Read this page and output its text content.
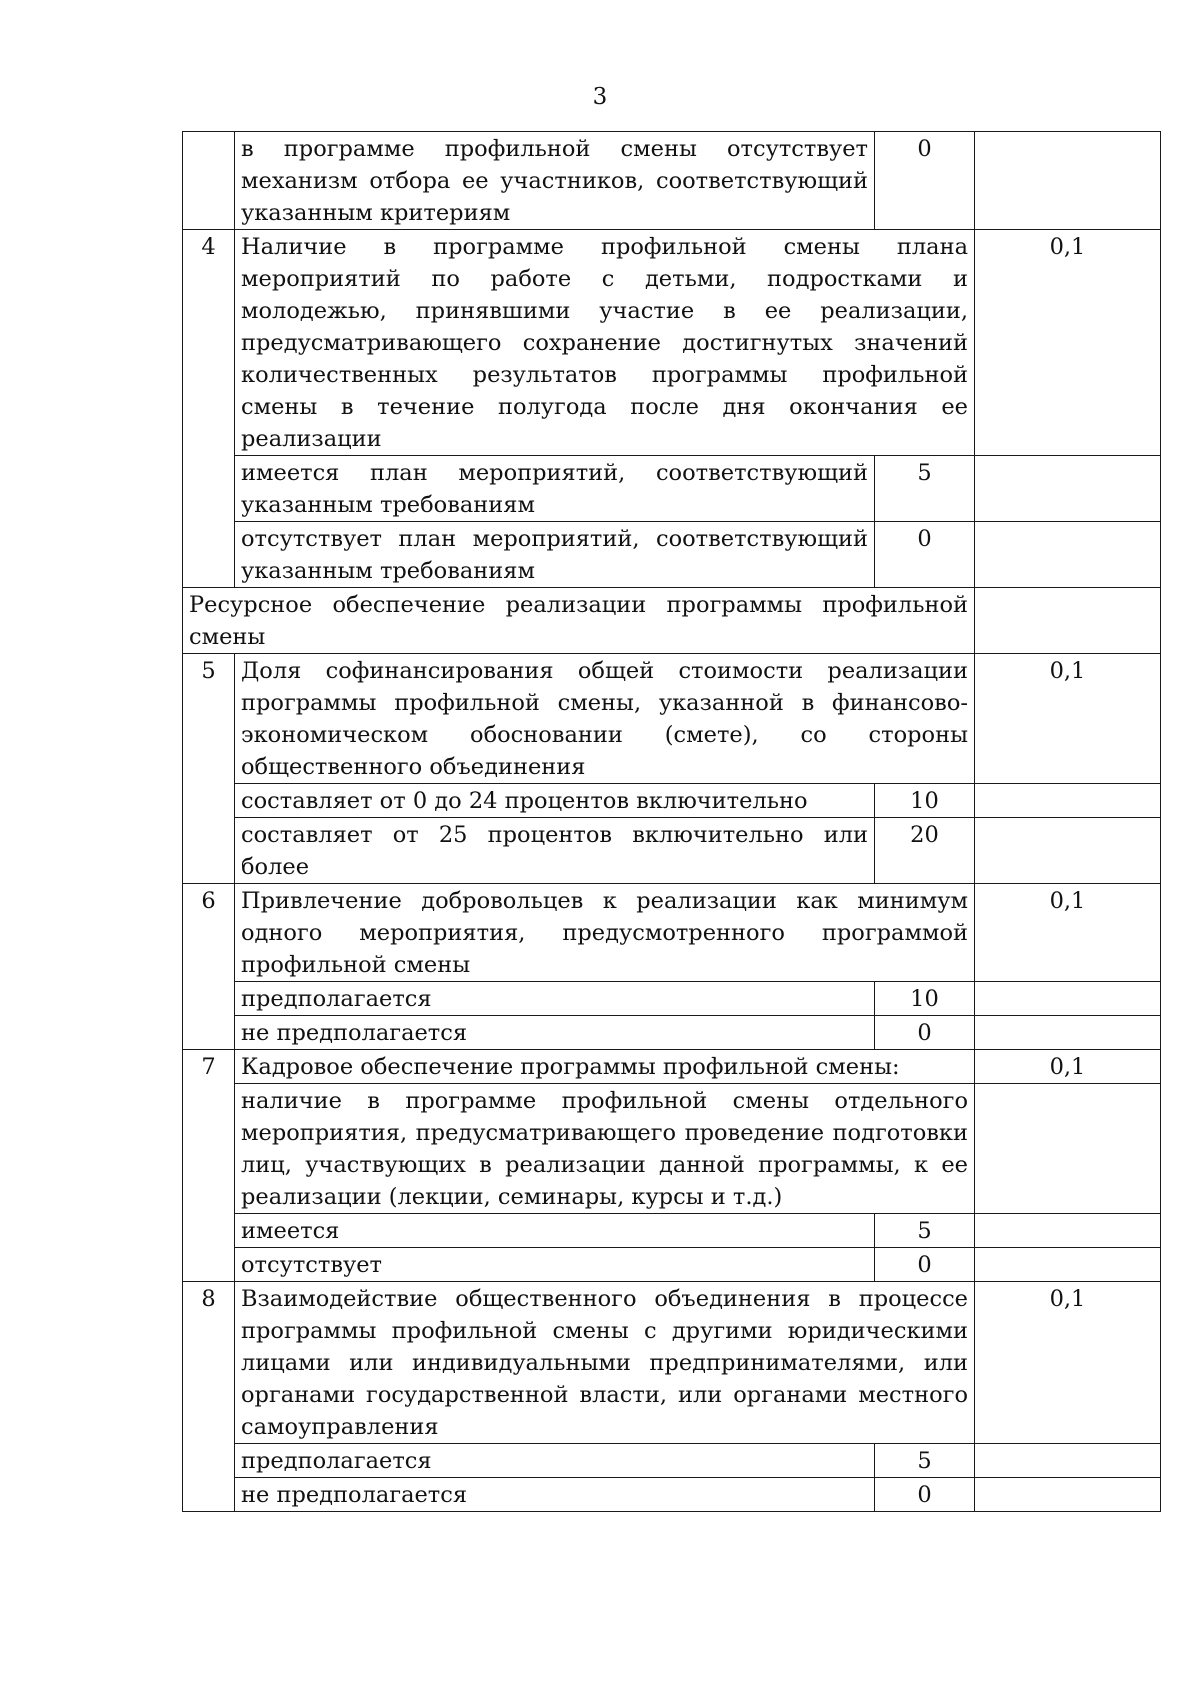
3
	в программе профильной смены отсутствует механизм отбора ее участников, соответствующий указанным критериям	0	
4	Наличие в программе профильной смены плана мероприятий по работе с детьми, подростками и молодежью, принявшими участие в ее реализации, предусматривающего сохранение достигнутых значений количественных результатов программы профильной смены в течение полугода после дня окончания ее реализации		0,1
	имеется план мероприятий, соответствующий указанным требованиям	5	
	отсутствует план мероприятий, соответствующий указанным требованиям	0	
Ресурсное обеспечение реализации программы профильной смены			
5	Доля софинансирования общей стоимости реализации программы профильной смены, указанной в финансово-экономическом обосновании (смете), со стороны общественного объединения		0,1
	составляет от 0 до 24 процентов включительно	10	
	составляет от 25 процентов включительно или более	20	
6	Привлечение добровольцев к реализации как минимум одного мероприятия, предусмотренного программой профильной смены		0,1
	предполагается	10	
	не предполагается	0	
7	Кадровое обеспечение программы профильной смены:		0,1
	наличие в программе профильной смены отдельного мероприятия, предусматривающего проведение подготовки лиц, участвующих в реализации данной программы, к ее реализации (лекции, семинары, курсы и т.д.)		
	имеется	5	
	отсутствует	0	
8	Взаимодействие общественного объединения в процессе программы профильной смены с другими юридическими лицами или индивидуальными предпринимателями, или органами государственной власти, или органами местного самоуправления		0,1
	предполагается	5	
	не предполагается	0	
